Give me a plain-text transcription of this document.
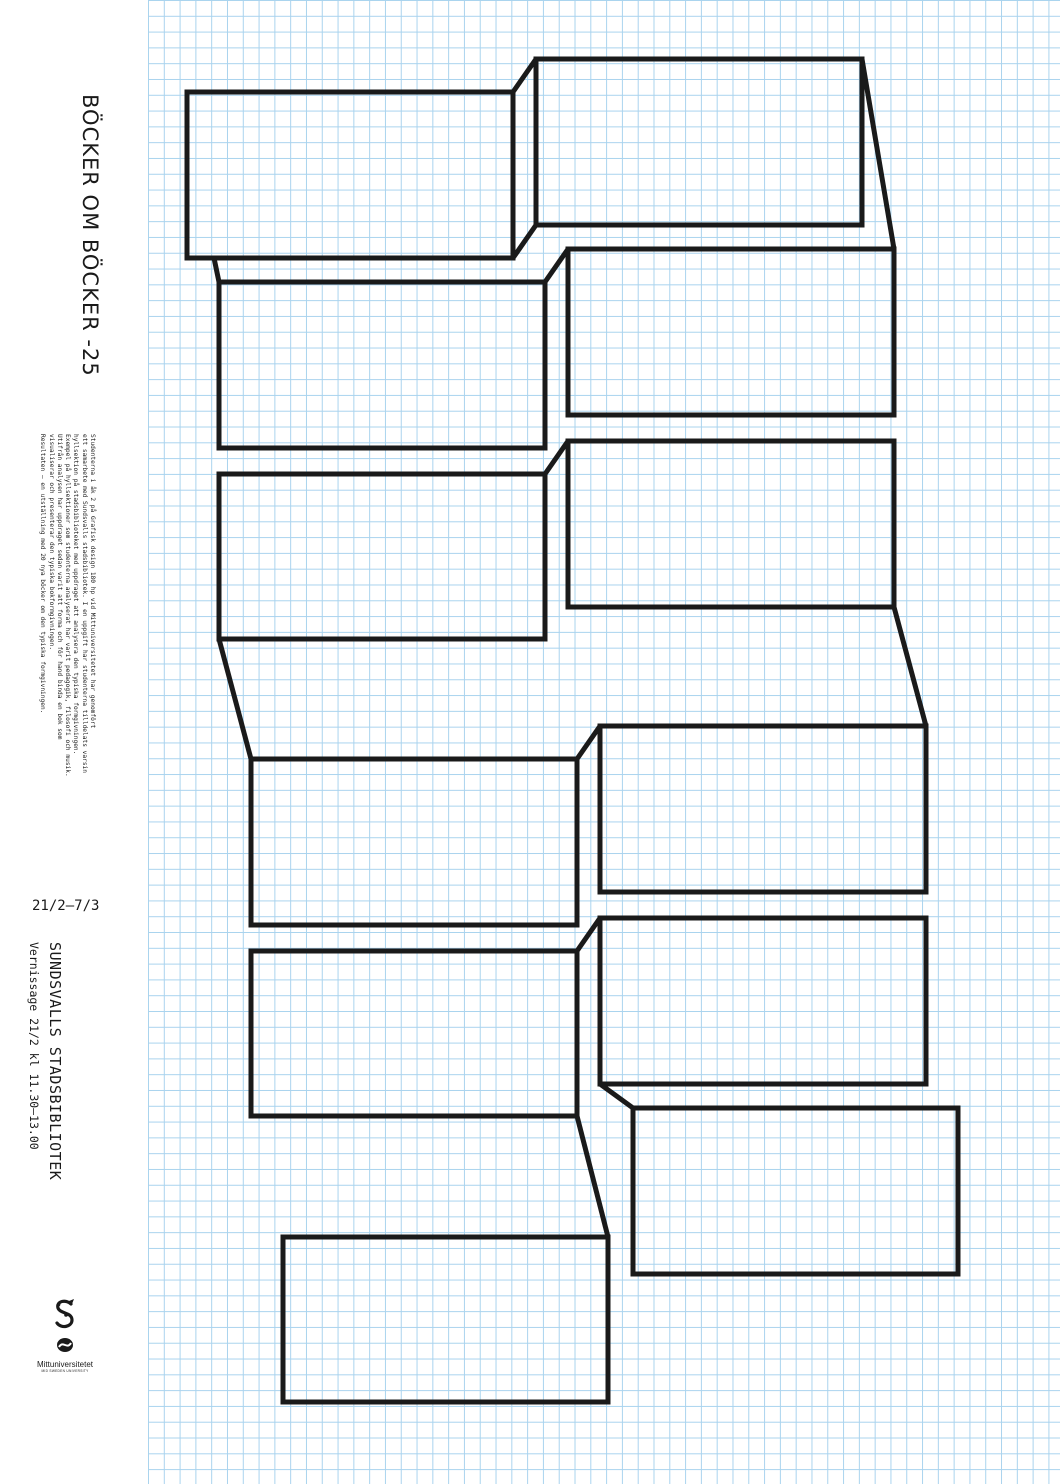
BÖCKER OM BÖCKER -25
Studenterna i åk 2 på Grafisk design 180 hp vid Mittuniversitetet har genomfört
ett samarbete med Sundsvalls stadsbibliotek. I en uppgift har studenterna tilldelats varsin
hyllsektion på stadsbiblioteket med uppdraget att analysera den typiska formgivningen.
Exempel på hyllsektioner som studenterna analyserat har varit pedagogik, filosofi och musik.
Utifrån analysen har uppdraget sedan varit att forma och för hand binda en bok som
visualiserar och presenterar den typiska bokformgivningen.
Resultaten – en utställning med 20 nya böcker om den typiska formgivningen.
21/2–7/3
SUNDSVALLS STADSBIBLIOTEK
Vernissage 21/2 kl 11.30–13.00
Mittuniversitetet
MID SWEDEN UNIVERSITY
